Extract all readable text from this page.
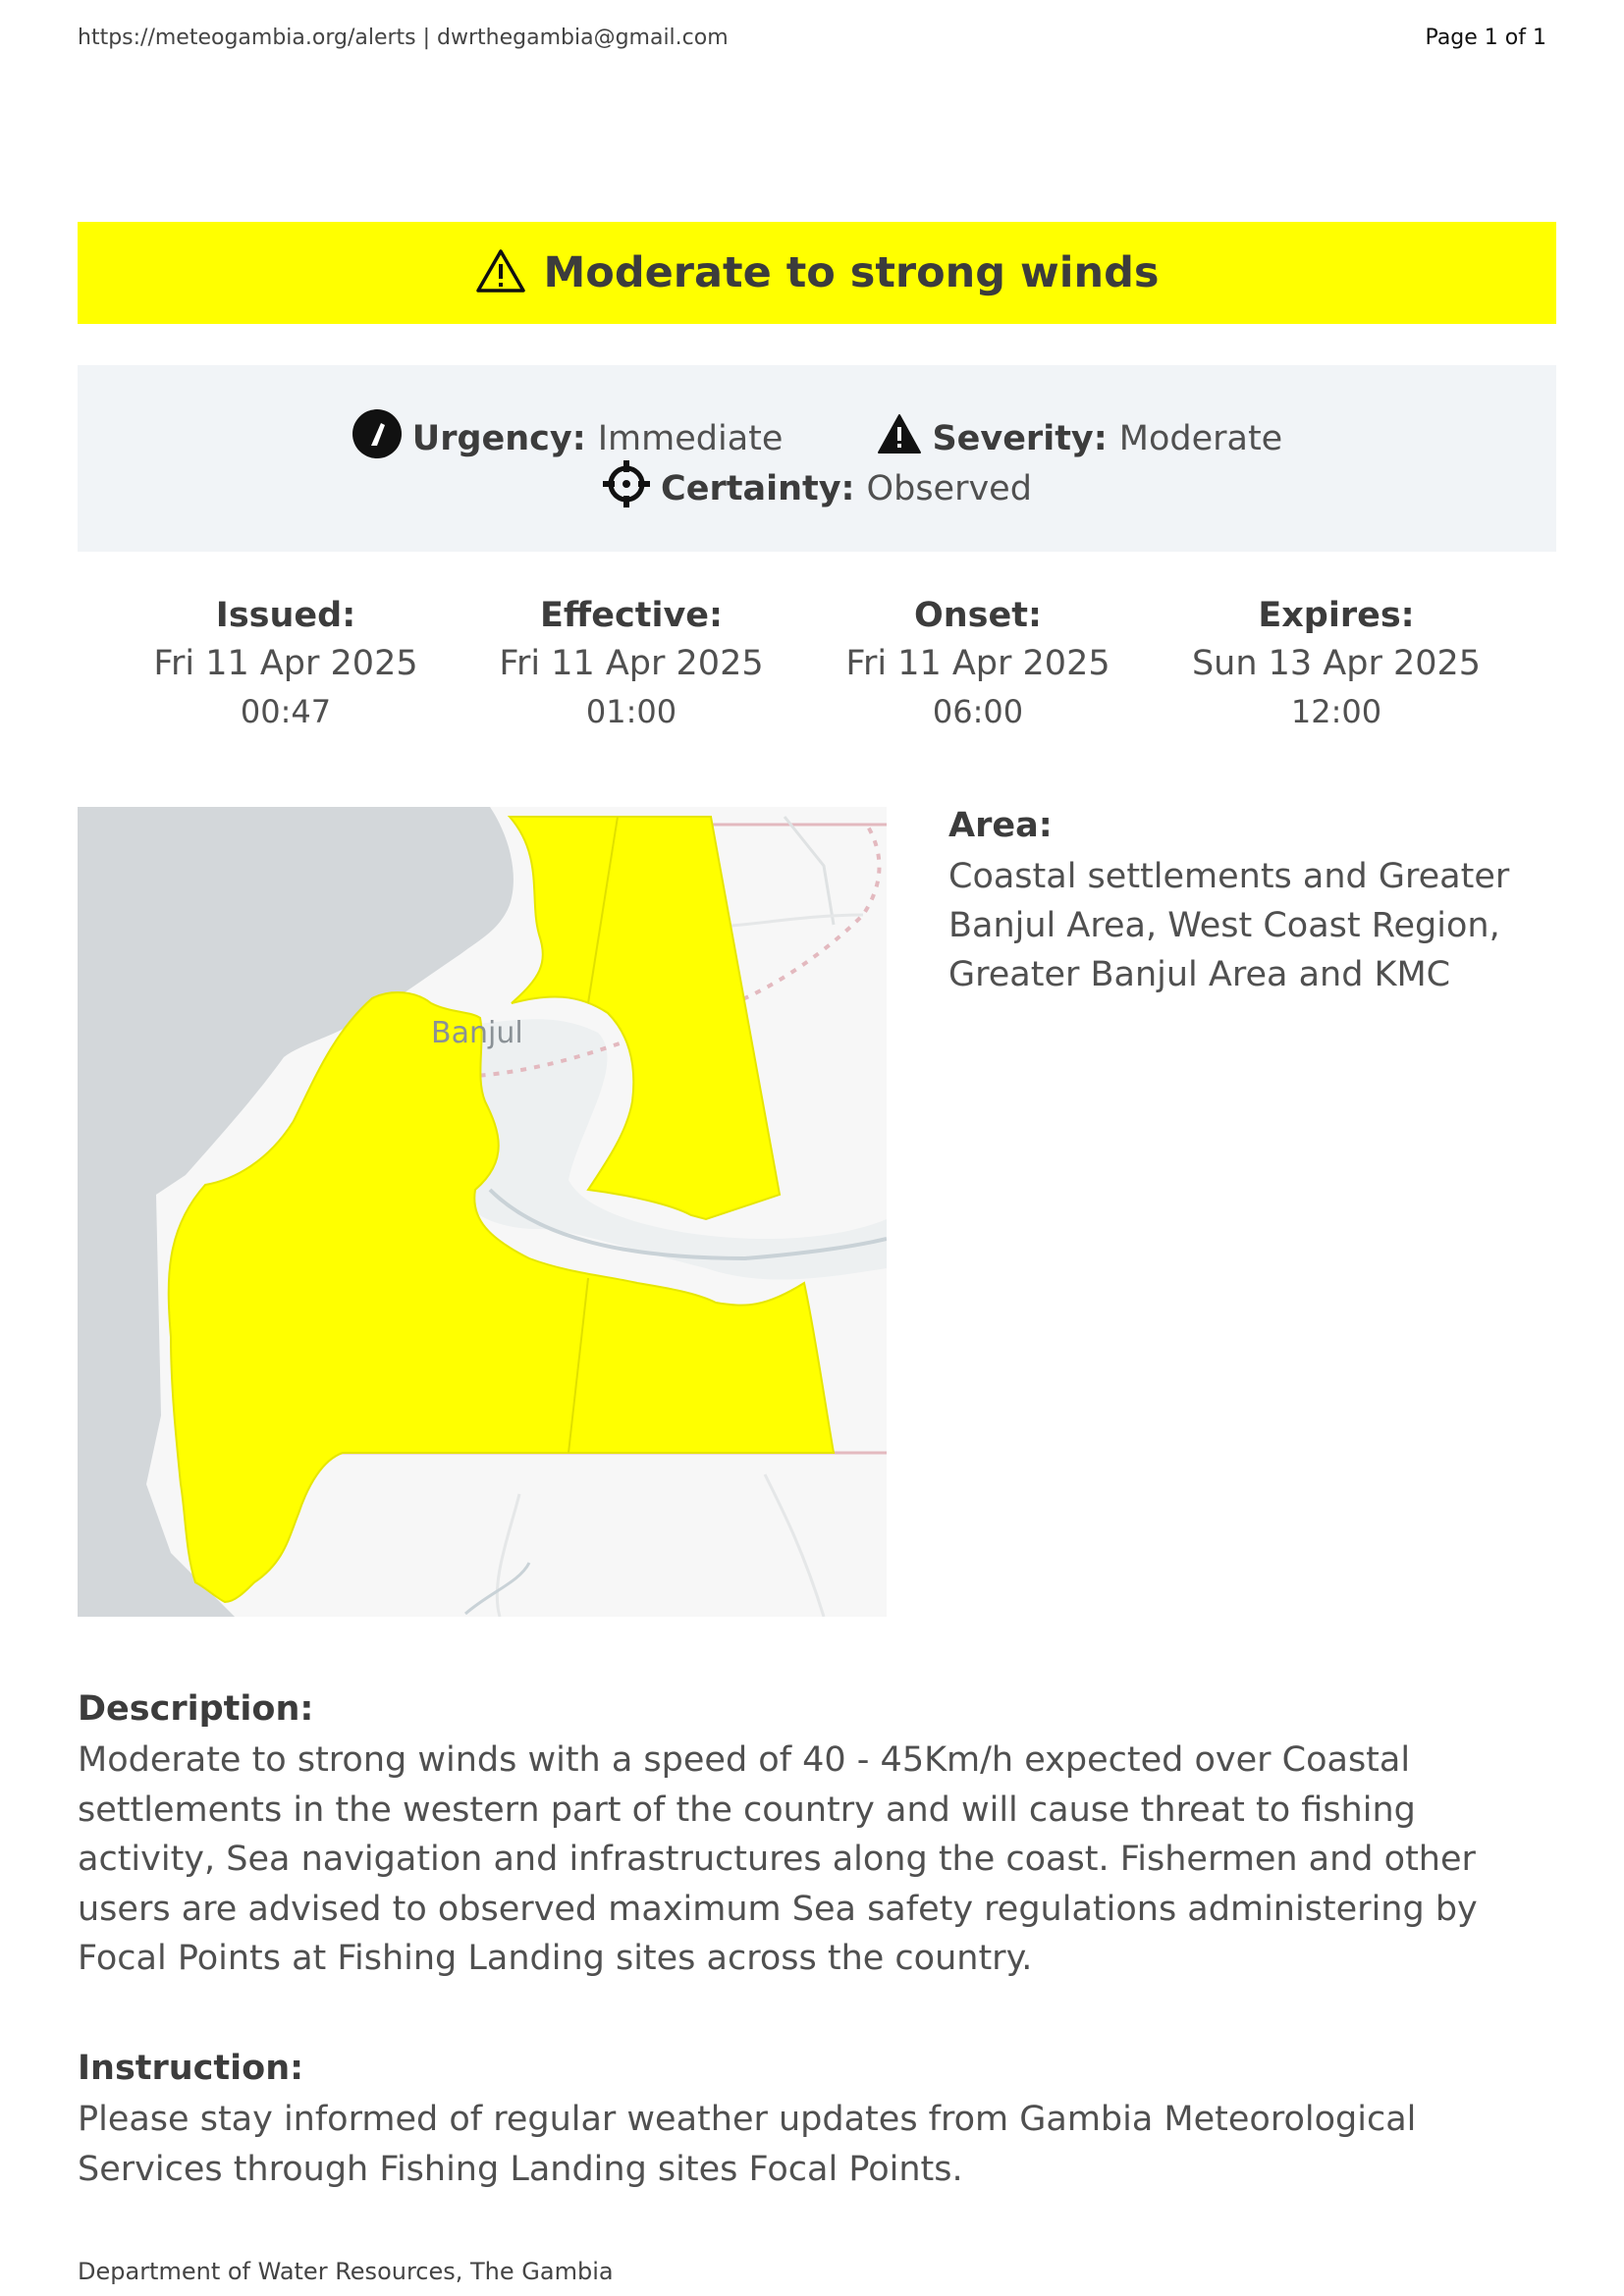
https://meteogambia.org/alerts | dwrthegambia@gmail.com	Page 1 of 1
Moderate to strong winds
Urgency: Immediate	Severity: Moderate
Certainty: Observed
Issued:
Fri 11 Apr 2025
00:47
Effective:
Fri 11 Apr 2025
01:00
Onset:
Fri 11 Apr 2025
06:00
Expires:
Sun 13 Apr 2025
12:00
Banjul
Area:
Coastal settlements and Greater Banjul Area, West Coast Region, Greater Banjul Area and KMC
Description:
Moderate to strong winds with a speed of 40 - 45Km/h expected over Coastal settlements in the western part of the country and will cause threat to fishing activity, Sea navigation and infrastructures along the coast. Fishermen and other users are advised to observed maximum Sea safety regulations administering by Focal Points at Fishing Landing sites across the country.
Instruction:
Please stay informed of regular weather updates from Gambia Meteorological Services through Fishing Landing sites Focal Points.
Department of Water Resources, The Gambia
